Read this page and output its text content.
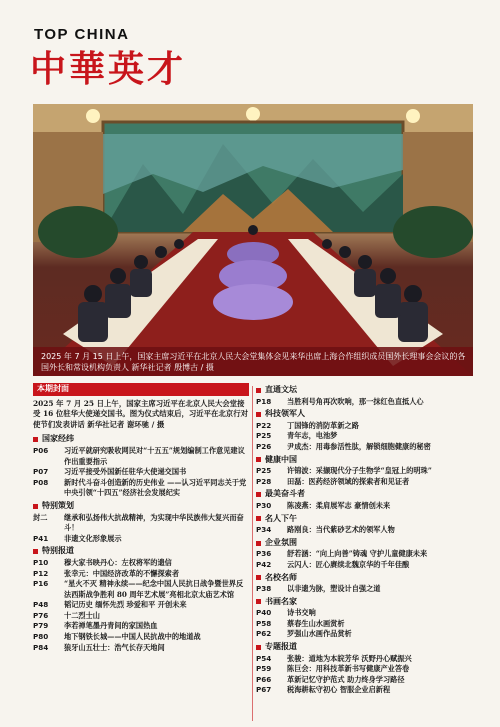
TOP CHINA
中華英才
2025 年 7 月 15 日上午，国家主席习近平在北京人民大会堂集体会见来华出席上海合作组织成员国外长理事会会议的各国外长和常设机构负责人 新华社记者 殷博古 / 摄
本期封面
2025 年 7 月 25 日上午，国家主席习近平在北京人民大会堂接受 16 位驻华大使递交国书。图为仪式结束后，习近平在北京行对使节们发表讲话 新华社记者 谢环驰 / 摄
国家经纬
P06	习近平就研究吸收网民对“十五五”规划编制工作意见建议作出重要指示
P07	习近平接受外国新任驻华大使递交国书
P08	新时代斗奋斗创造新的历史伟业 ——认习近平同志关于党中央引领“十四五”经济社会发展纪实
特别策划
封二	继承和弘扬伟大抗战精神，为实现中华民族伟大复兴而奋斗！
P41	非遗文化形象展示
特别报道
P10	穆大家书映丹心：左权将军的遗信
P12	张幸元：中国经济改革的不懈探索者
P16	“星火不灭 精神永续——纪念中国人民抗日战争暨世界反法西斯战争胜利 80 周年艺术展”亮相北京太庙艺术馆
P48	韬记历史 缅怀先烈 珍爱和平 开创未来
P76	十二烈士山
P79	李若禅笔墨丹青间的家国热血
P80	地下钢铁长城——中国人民抗战中的地道战
P84	狼牙山五壮士：浩气长存天地间
直通文坛
P18	当胜利号角再次吹响，那一抹红色直抵人心
科技领军人
P22	丁国锋的消防革新之路
P25	青年志，电池梦
P26	尹成杰：用毒参活性肽，解锁细胞健康的秘密
健康中国
P25	许锦波：采撷现代分子生物学“皇冠上的明珠”
P28	田磊：医药经济领域的探索者和见证者
最美奋斗者
P30	陈凌燕：柔肩展军志 豪情创未来
名人下午
P34	路刚良：当代紫砂艺术的领军人物
企业氛围
P36	舒若涵：“向上向善”铸魂 守护儿童健康未来
P42	云闪人：匠心赓续北魏京华的千年佳酿
名校名师
P38	以非遗为脉，塑设计自强之道
书画名家
P40	诗书交响
P58	蔡春生山水画赏析
P62	罗强山水画作品赏析
专题报道
P54	张骏：道地为本皖芳华 沃野丹心赋振兴
P59	陈巨会：用科技革新书写健康产业答卷
P66	革新记忆守护范式 助力终身学习路径
P67	税海耕耘守初心 智服企业启新程
